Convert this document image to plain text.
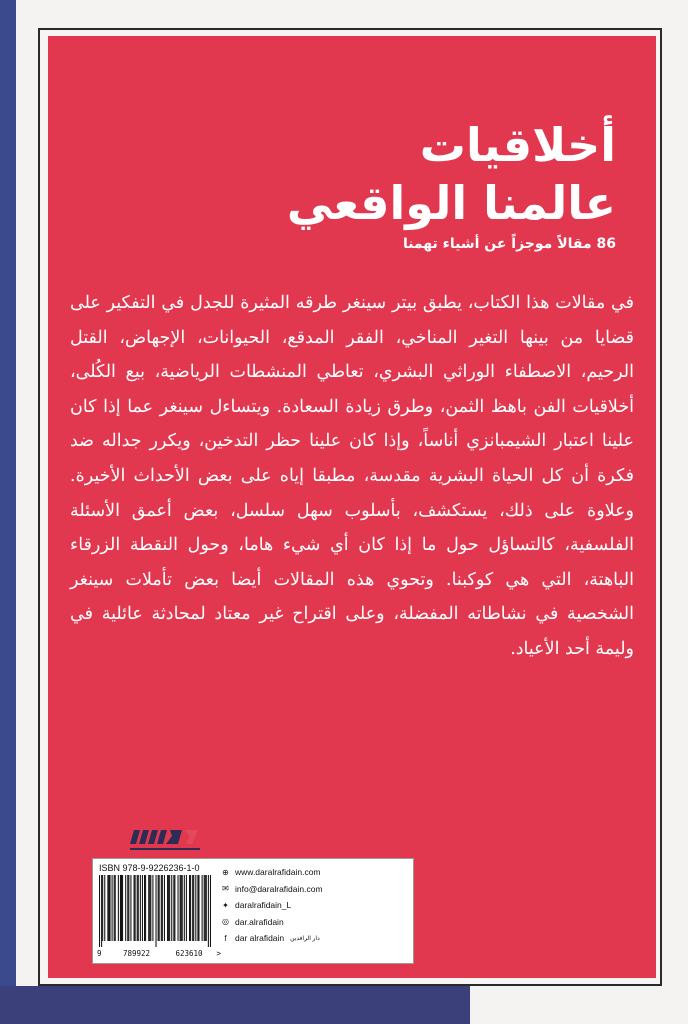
أخلاقيات
عالمنا الواقعي
86 مقالاً موجزاً عن أشياء تهمنا
في مقالات هذا الكتاب، يطبق بيتر سينغر طرقه المثيرة للجدل في التفكير على قضايا من بينها التغير المناخي، الفقر المدقع، الحيوانات، الإجهاض، القتل الرحيم، الاصطفاء الوراثي البشري، تعاطي المنشطات الرياضية، بيع الكُلى، أخلاقيات الفن باهظ الثمن، وطرق زيادة السعادة. ويتساءل سينغر عما إذا كان علينا اعتبار الشيمبانزي أناساً، وإذا كان علينا حظر التدخين، ويكرر جداله ضد فكرة أن كل الحياة البشرية مقدسة، مطبقا إياه على بعض الأحداث الأخيرة. وعلاوة على ذلك، يستكشف، بأسلوب سهل سلسل، بعض أعمق الأسئلة الفلسفية، كالتساؤل حول ما إذا كان أي شيء هاما، وحول النقطة الزرقاء الباهتة، التي هي كوكبنا. وتحوي هذه المقالات أيضا بعض تأملات سينغر الشخصية في نشاطاته المفضلة، وعلى اقتراح غير معتاد لمحادثة عائلية في وليمة أحد الأعياد.
ISBN 978-9-9226236-1-0
9	789922	623610 >
⊕ www.daralrafidain.com
✉ info@daralrafidain.com
✦ daralrafidain_L
◎ dar.alrafidain
f dar alrafidain دار الرافدين
